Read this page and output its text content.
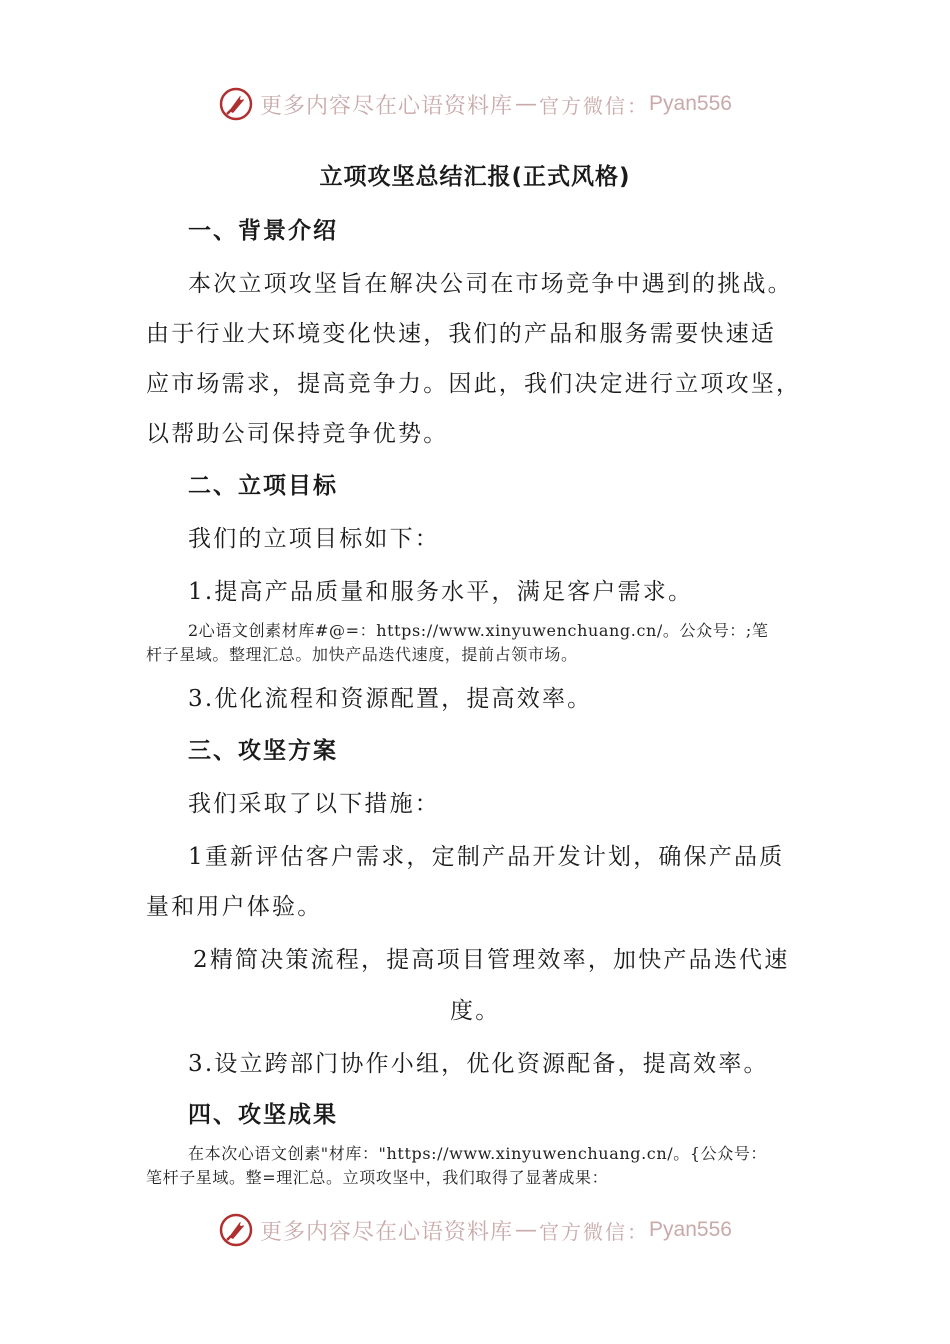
更多内容尽在心语资料库 — 官方微信： Pyan556
立项攻坚总结汇报(正式风格)
一、背景介绍
本次立项攻坚旨在解决公司在市场竞争中遇到的挑战。
由于行业大环境变化快速，我们的产品和服务需要快速适
应市场需求，提高竞争力。因此，我们决定进行立项攻坚，
以帮助公司保持竞争优势。
二、立项目标
我们的立项目标如下：
1.提高产品质量和服务水平，满足客户需求。
2心语文创素材库#@=：https://www.xinyuwenchuang.cn/。公众号：;笔
杆子星域。整理汇总。加快产品迭代速度，提前占领市场。
3.优化流程和资源配置，提高效率。
三、攻坚方案
我们采取了以下措施：
1重新评估客户需求，定制产品开发计划，确保产品质
量和用户体验。
2精简决策流程，提高项目管理效率，加快产品迭代速
度。
3.设立跨部门协作小组，优化资源配备，提高效率。
四、攻坚成果
在本次心语文创素"材库："https://www.xinyuwenchuang.cn/。{公众号：
笔杆子星域。整=理汇总。立项攻坚中，我们取得了显著成果：
更多内容尽在心语资料库 — 官方微信： Pyan556
